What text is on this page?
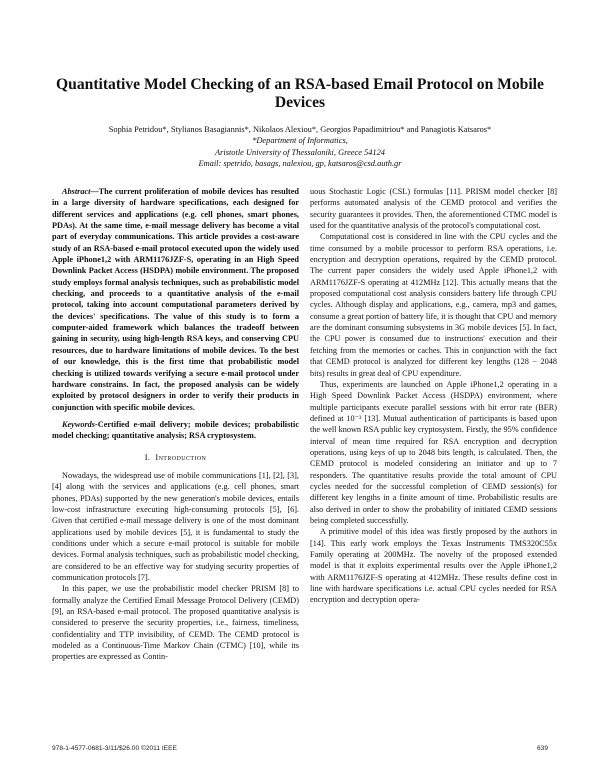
Quantitative Model Checking of an RSA-based Email Protocol on Mobile Devices
Sophia Petridou*, Stylianos Basagiannis*, Nikolaos Alexiou*, Georgios Papadimitriou* and Panagiotis Katsaros*
*Department of Informatics,
Aristotle University of Thessaloniki, Greece 54124
Email: spetrido, basags, nalexiou, gp, katsaros@csd.auth.gr

Abstract—The current proliferation of mobile devices has resulted in a large diversity of hardware specifications, each designed for different services and applications (e.g. cell phones, smart phones, PDAs). At the same time, e-mail message delivery has become a vital part of everyday communications. This article provides a cost-aware study of an RSA-based e-mail protocol executed upon the widely used Apple iPhone1,2 with ARM1176JZF-S, operating in an High Speed Downlink Packet Access (HSDPA) mobile environment. The proposed study employs formal analysis techniques, such as probabilistic model checking, and proceeds to a quantitative analysis of the e-mail protocol, taking into account computational parameters derived by the devices' specifications. The value of this study is to form a computer-aided framework which balances the tradeoff between gaining in security, using high-length RSA keys, and conserving CPU resources, due to hardware limitations of mobile devices. To the best of our knowledge, this is the first time that probabilistic model checking is utilized towards verifying a secure e-mail protocol under hardware constrains. In fact, the proposed analysis can be widely exploited by protocol designers in order to verify their products in conjunction with specific mobile devices.

Keywords-Certified e-mail delivery; mobile devices; probabilistic model checking; quantitative analysis; RSA cryptosystem.

I. Introduction

Nowadays, the widespread use of mobile communications [1], [2], [3], [4] along with the services and applications (e.g. cell phones, smart phones, PDAs) supported by the new generation's mobile devices, entails low-cost infrastructure executing high-consuming protocols [5], [6]. Given that certified e-mail message delivery is one of the most dominant applications used by mobile devices [5], it is fundamental to study the conditions under which a secure e-mail protocol is suitable for mobile devices. Formal analysis techniques, such as probabilistic model checking, are considered to be an effective way for studying security properties of communication protocols [7].

In this paper, we use the probabilistic model checker PRISM [8] to formally analyze the Certified Email Message Protocol Delivery (CEMD) [9], an RSA-based e-mail protocol. The proposed quantitative analysis is considered to preserve the security properties, i.e., fairness, timeliness, confidentiality and TTP invisibility, of CEMD. The CEMD protocol is modeled as a Continuous-Time Markov Chain (CTMC) [10], while its properties are expressed as Contin-

uous Stochastic Logic (CSL) formulas [11]. PRISM model checker [8] performs automated analysis of the CEMD protocol and verifies the security guarantees it provides. Then, the aforementioned CTMC model is used for the quantitative analysis of the protocol's computational cost.

Computational cost is considered in line with the CPU cycles and the time consumed by a mobile processor to perform RSA operations, i.e. encryption and decryption operations, required by the CEMD protocol. The current paper considers the widely used Apple iPhone1,2 with ARM1176JZF-S operating at 412MHz [12]. This actually means that the proposed computational cost analysis considers battery life through CPU cycles. Although display and applications, e.g., camera, mp3 and games, consume a great portion of battery life, it is thought that CPU and memory are the dominant consuming subsystems in 3G mobile devices [5]. In fact, the CPU power is consumed due to instructions' execution and their fetching from the memories or caches. This in conjunction with the fact that CEMD protocol is analyzed for different key lengths (128 − 2048 bits) results in great deal of CPU expenditure.

Thus, experiments are launched on Apple iPhone1,2 operating in a High Speed Downlink Packet Access (HSDPA) environment, where multiple participants execute parallel sessions with bit error rate (BER) defined at 10⁻³ [13]. Mutual authentication of participants is based upon the well known RSA public key cryptosystem. Firstly, the 95% confidence interval of mean time required for RSA encryption and decryption operations, using keys of up to 2048 bits length, is calculated. Then, the CEMD protocol is modeled considering an initiator and up to 7 responders. The quantitative results provide the total amount of CPU cycles needed for the successful completion of CEMD session(s) for different key lengths in a finite amount of time. Probabilistic results are also derived in order to show the probability of initiated CEMD sessions being completed successfully.

A primitive model of this idea was firstly proposed by the authors in [14]. This early work employs the Texas Instruments TMS320C55x Family operating at 200MHz. The novelty of the proposed extended model is that it exploits experimental results over the Apple iPhone1,2 with ARM1176JZF-S operating at 412MHz. These results define cost in line with hardware specifications i.e. actual CPU cycles needed for RSA encryption and decryption opera-

978-1-4577-0681-3/11/$26.00 ©2011 IEEE	639
